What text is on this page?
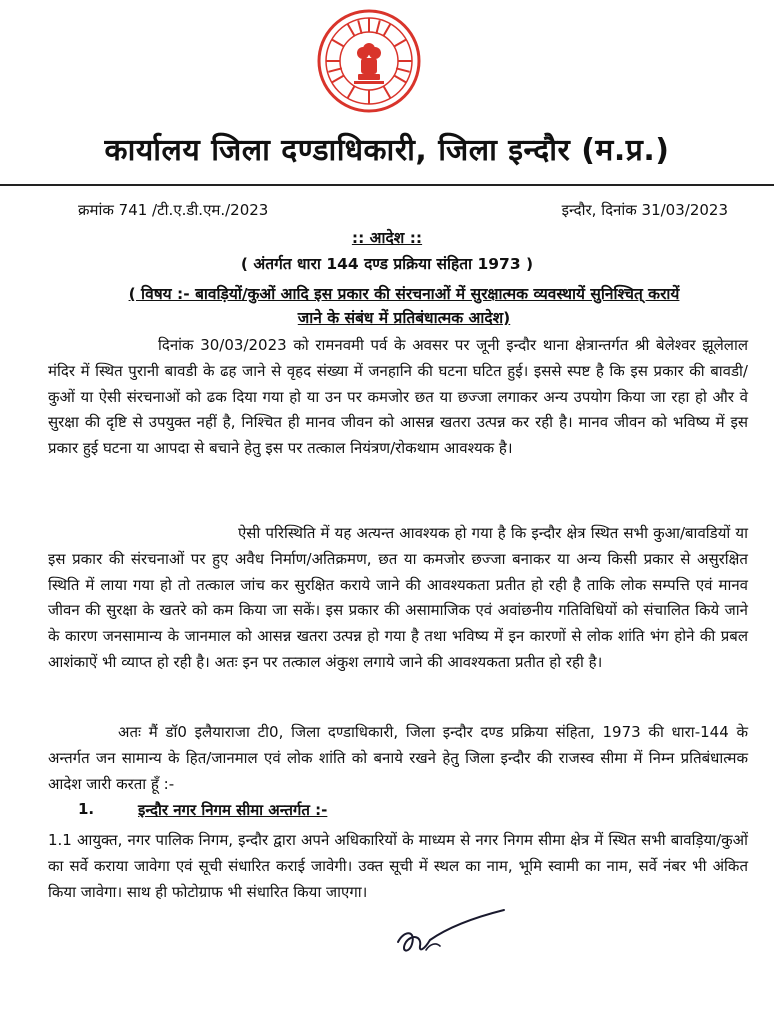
कार्यालय जिला दण्डाधिकारी, जिला इन्दौर (म.प्र.)
क्रमांक 741 /टी.ए.डी.एम./2023	इन्दौर, दिनांक 31/03/2023
:: आदेश ::
( अंतर्गत धारा 144 दण्ड प्रक्रिया संहिता 1973 )
( विषय :- बावड़ियों/कुओं आदि इस प्रकार की संरचनाओं में सुरक्षात्मक व्यवस्थायें सुनिश्चित् करायें
जाने के संबंध में प्रतिबंधात्मक आदेश)

दिनांक 30/03/2023 को रामनवमी पर्व के अवसर पर जूनी इन्दौर थाना क्षेत्रान्तर्गत श्री बेलेश्वर झूलेलाल मंदिर में स्थित पुरानी बावडी के ढह जाने से वृहद संख्या में जनहानि की घटना घटित हुई। इससे स्पष्ट है कि इस प्रकार की बावडी/कुओं या ऐसी संरचनाओं को ढक दिया गया हो या उन पर कमजोर छत या छज्जा लगाकर अन्य उपयोग किया जा रहा हो और वे सुरक्षा की दृष्टि से उपयुक्त नहीं है, निश्चित ही मानव जीवन को आसन्न खतरा उत्पन्न कर रही है। मानव जीवन को भविष्य में इस प्रकार हुई घटना या आपदा से बचाने हेतु इस पर तत्काल नियंत्रण/रोकथाम आवश्यक है।

ऐसी परिस्थिति में यह अत्यन्त आवश्यक हो गया है कि इन्दौर क्षेत्र स्थित सभी कुआ/बावडियों या इस प्रकार की संरचनाओं पर हुए अवैध निर्माण/अतिक्रमण, छत या कमजोर छज्जा बनाकर या अन्य किसी प्रकार से असुरक्षित स्थिति में लाया गया हो तो तत्काल जांच कर सुरक्षित कराये जाने की आवश्यकता प्रतीत हो रही है ताकि लोक सम्पत्ति एवं मानव जीवन की सुरक्षा के खतरे को कम किया जा सकें। इस प्रकार की असामाजिक एवं अवांछनीय गतिविधियों को संचालित किये जाने के कारण जनसामान्य के जानमाल को आसन्न खतरा उत्पन्न हो गया है तथा भविष्य में इन कारणों से लोक शांति भंग होने की प्रबल आशंकाऐं भी व्याप्त हो रही है। अतः इन पर तत्काल अंकुश लगाये जाने की आवश्यकता प्रतीत हो रही है।

अतः मैं डॉ0 इलैयाराजा टी0, जिला दण्डाधिकारी, जिला इन्दौर दण्ड प्रक्रिया संहिता, 1973 की धारा-144 के अन्तर्गत जन सामान्य के हित/जानमाल एवं लोक शांति को बनाये रखने हेतु जिला इन्दौर की राजस्व सीमा में निम्न प्रतिबंधात्मक आदेश जारी करता हूँ :-

1.	इन्दौर नगर निगम सीमा अन्तर्गत :-

1.1 आयुक्त, नगर पालिक निगम, इन्दौर द्वारा अपने अधिकारियों के माध्यम से नगर निगम सीमा क्षेत्र में स्थित सभी बावड़िया/कुओं का सर्वे कराया जावेगा एवं सूची संधारित कराई जावेगी। उक्त सूची में स्थल का नाम, भूमि स्वामी का नाम, सर्वे नंबर भी अंकित किया जावेगा। साथ ही फोटोग्राफ भी संधारित किया जाएगा।
